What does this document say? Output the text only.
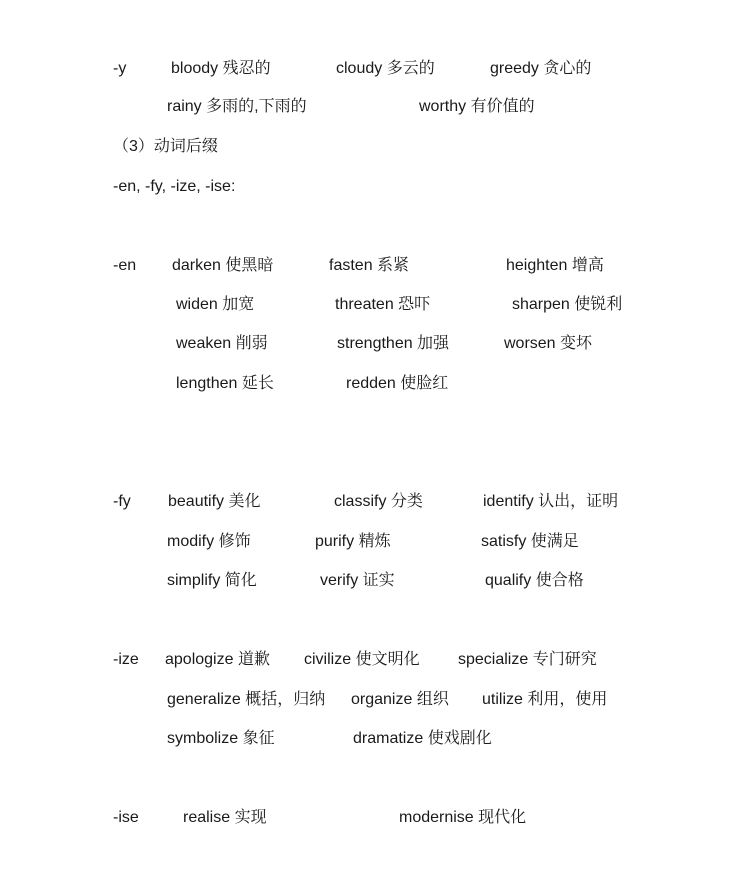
-y	bloody 残忍的	cloudy 多云的	greedy 贪心的
rainy 多雨的,下雨的	worthy 有价值的
（3）动词后缀
-en, -fy, -ize, -ise:
-en darken 使黑暗	fasten 系紧	heighten 增高
widen 加宽	threaten 恐吓	sharpen 使锐利
weaken 削弱	strengthen 加强	worsen 变坏
lengthen 延长	redden 使脸红
-fy beautify 美化	classify 分类	identify 认出，证明
modify 修饰	purify 精炼	satisfy 使满足
simplify 简化	verify 证实	qualify 使合格
-ize apologize 道歉 civilize 使文明化 specialize 专门研究
generalize 概括，归纳 organize 组织 utilize 利用，使用
symbolize 象征	dramatize 使戏剧化
-ise	realise 实现	modernise 现代化
